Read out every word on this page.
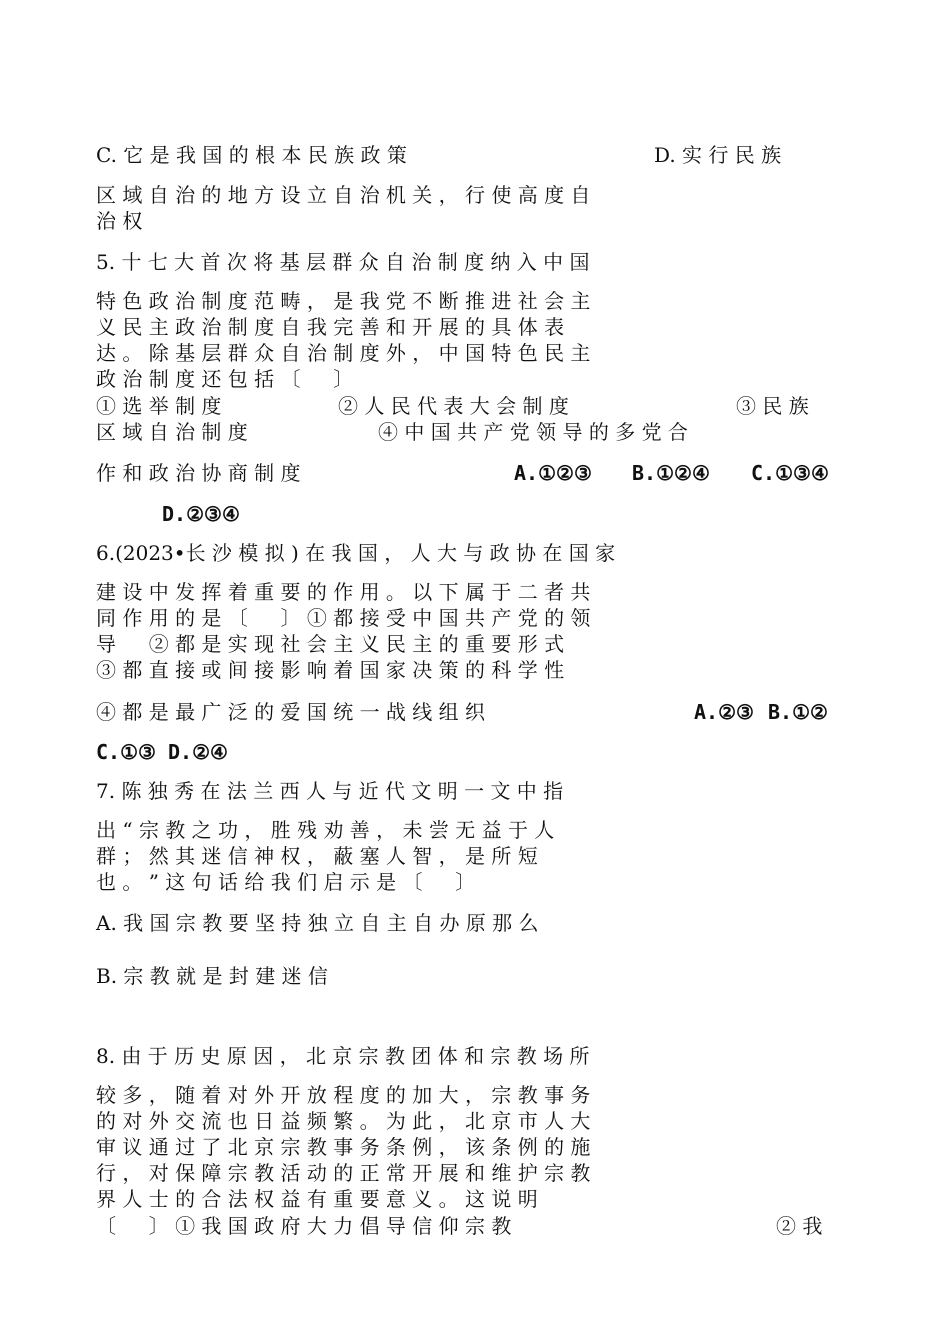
C. 它 是 我 国 的 根 本 民 族 政 策	D. 实 行 民 族
区 域 自 治 的 地 方 设 立 自 治 机 关 ， 行 使 高 度 自
治 权
5. 十 七 大 首 次 将 基 层 群 众 自 治 制 度 纳 入 中 国
特 色 政 治 制 度 范 畴 ， 是 我 党 不 断 推 进 社 会 主
义 民 主 政 治 制 度 自 我 完 善 和 开 展 的 具 体 表
达 。 除 基 层 群 众 自 治 制 度 外 ， 中 国 特 色 民 主
政 治 制 度 还 包 括 〔 　 〕
① 选 举 制 度	② 人 民 代 表 大 会 制 度	③ 民 族
区 域 自 治 制 度	④ 中 国 共 产 党 领 导 的 多 党 合
作 和 政 治 协 商 制 度	A.①②③ B.①②④ C.①③④
D.②③④
6.(2023•长 沙 模 拟 ) 在 我 国 ， 人 大 与 政 协 在 国 家
建 设 中 发 挥 着 重 要 的 作 用 。 以 下 属 于 二 者 共
同 作 用 的 是 〔 　 〕 ① 都 接 受 中 国 共 产 党 的 领
导 　 ② 都 是 实 现 社 会 主 义 民 主 的 重 要 形 式
③ 都 直 接 或 间 接 影 响 着 国 家 决 策 的 科 学 性
④ 都 是 最 广 泛 的 爱 国 统 一 战 线 组 织	A.②③ B.①②
C.①③ D.②④
7. 陈 独 秀 在 法 兰 西 人 与 近 代 文 明 一 文 中 指
出 “ 宗 教 之 功 ， 胜 残 劝 善 ， 未 尝 无 益 于 人
群 ； 然 其 迷 信 神 权 ， 蔽 塞 人 智 ， 是 所 短
也 。 ” 这 句 话 给 我 们 启 示 是 〔 　 〕
A. 我 国 宗 教 要 坚 持 独 立 自 主 自 办 原 那 么
B. 宗 教 就 是 封 建 迷 信
8. 由 于 历 史 原 因 ， 北 京 宗 教 团 体 和 宗 教 场 所
较 多 ， 随 着 对 外 开 放 程 度 的 加 大 ， 宗 教 事 务
的 对 外 交 流 也 日 益 频 繁 。 为 此 ， 北 京 市 人 大
审 议 通 过 了 北 京 宗 教 事 务 条 例 ， 该 条 例 的 施
行 ， 对 保 障 宗 教 活 动 的 正 常 开 展 和 维 护 宗 教
界 人 士 的 合 法 权 益 有 重 要 意 义 。 这 说 明
〔 　 〕 ① 我 国 政 府 大 力 倡 导 信 仰 宗 教	② 我
